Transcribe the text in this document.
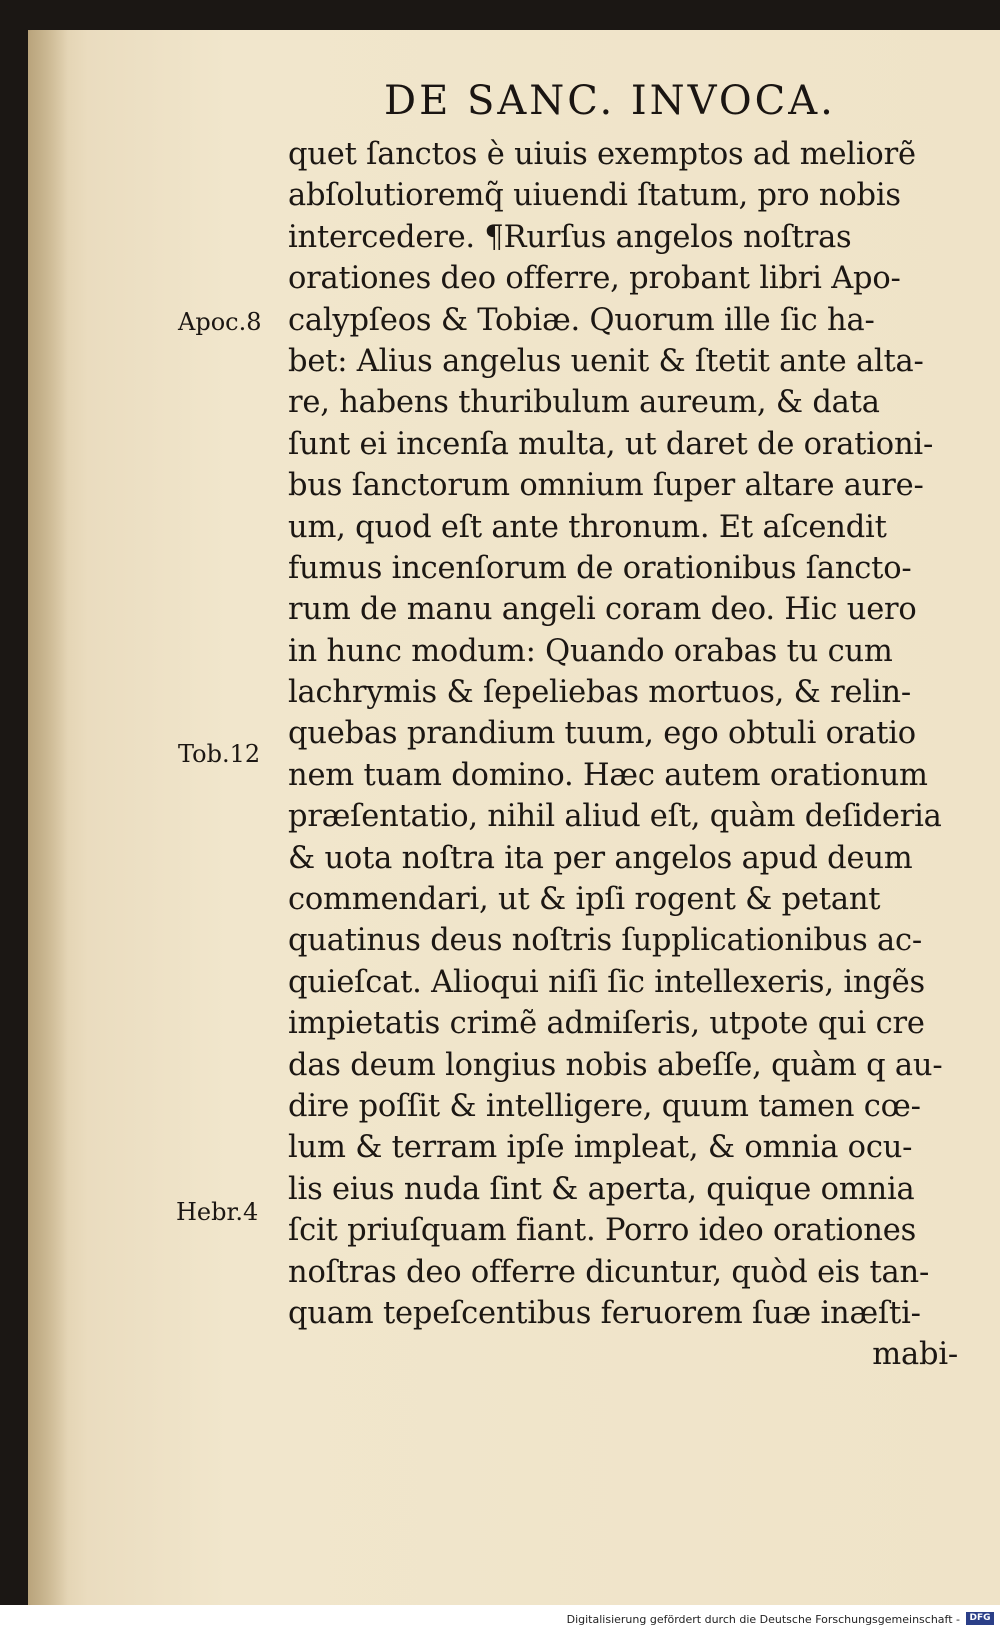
DE SANC. INVOCA.
quet ſanctos è uiuis exemptos ad meliorẽ
abſolutioremq̃ uiuendi ſtatum, pro nobis
intercedere. ¶Rurſus angelos noſtras
orationes deo offerre, probant libri Apo-
calypſeos & Tobiæ. Quorum ille ſic ha-
bet: Alius angelus uenit & ſtetit ante alta-
re, habens thuribulum aureum, & data
ſunt ei incenſa multa, ut daret de orationi-
bus ſanctorum omnium ſuper altare aure-
um, quod eſt ante thronum. Et aſcendit
fumus incenſorum de orationibus ſancto-
rum de manu angeli coram deo. Hic uero
in hunc modum: Quando orabas tu cum
lachrymis & ſepeliebas mortuos, & relin-
quebas prandium tuum, ego obtuli oratio
nem tuam domino. Hæc autem orationum
præſentatio, nihil aliud eſt, quàm deſideria
& uota noſtra ita per angelos apud deum
commendari, ut & ipſi rogent & petant
quatinus deus noſtris ſupplicationibus ac-
quieſcat. Alioqui niſi ſic intellexeris, ingẽs
impietatis crimẽ admiſeris, utpote qui cre
das deum longius nobis abeſſe, quàm q au-
dire poſſit & intelligere, quum tamen cœ-
lum & terram ipſe impleat, & omnia ocu-
lis eius nuda ſint & aperta, quique omnia
ſcit priuſquam fiant. Porro ideo orationes
noſtras deo offerre dicuntur, quòd eis tan-
quam tepeſcentibus feruorem ſuæ inæſti-
mabi-
Apoc.8
Tob.12
Hebr.4
Digitalisierung gefördert durch die Deutsche Forschungsgemeinschaft -	DFG
